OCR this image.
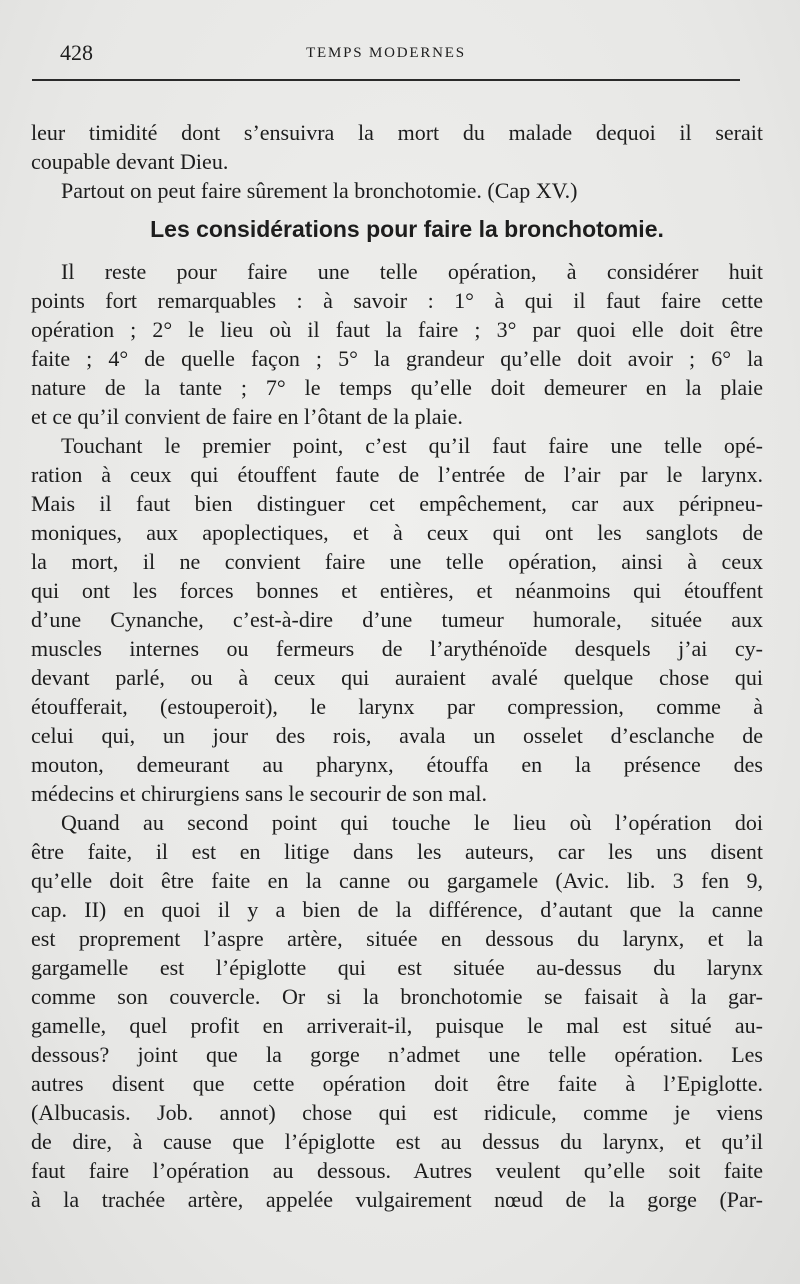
428	TEMPS MODERNES
leur timidité dont s’ensuivra la mort du malade dequoi il serait
coupable devant Dieu.
Partout on peut faire sûrement la bronchotomie. (Cap XV.)
Les considérations pour faire la bronchotomie.
Il reste pour faire une telle opération, à considérer huit
points fort remarquables : à savoir : 1° à qui il faut faire cette
opération ; 2° le lieu où il faut la faire ; 3° par quoi elle doit être
faite ; 4° de quelle façon ; 5° la grandeur qu’elle doit avoir ; 6° la
nature de la tante ; 7° le temps qu’elle doit demeurer en la plaie
et ce qu’il convient de faire en l’ôtant de la plaie.
Touchant le premier point, c’est qu’il faut faire une telle opé-
ration à ceux qui étouffent faute de l’entrée de l’air par le larynx.
Mais il faut bien distinguer cet empêchement, car aux péripneu-
moniques, aux apoplectiques, et à ceux qui ont les sanglots de
la mort, il ne convient faire une telle opération, ainsi à ceux
qui ont les forces bonnes et entières, et néanmoins qui étouffent
d’une Cynanche, c’est-à-dire d’une tumeur humorale, située aux
muscles internes ou fermeurs de l’arythénoïde desquels j’ai cy-
devant parlé, ou à ceux qui auraient avalé quelque chose qui
étoufferait, (estouperoit), le larynx par compression, comme à
celui qui, un jour des rois, avala un osselet d’esclanche de
mouton, demeurant au pharynx, étouffa en la présence des
médecins et chirurgiens sans le secourir de son mal.
Quand au second point qui touche le lieu où l’opération doi
être faite, il est en litige dans les auteurs, car les uns disent
qu’elle doit être faite en la canne ou gargamele (Avic. lib. 3 fen 9,
cap. II) en quoi il y a bien de la différence, d’autant que la canne
est proprement l’aspre artère, située en dessous du larynx, et la
gargamelle est l’épiglotte qui est située au-dessus du larynx
comme son couvercle. Or si la bronchotomie se faisait à la gar-
gamelle, quel profit en arriverait-il, puisque le mal est situé au-
dessous? joint que la gorge n’admet une telle opération. Les
autres disent que cette opération doit être faite à l’Epiglotte.
(Albucasis. Job. annot) chose qui est ridicule, comme je viens
de dire, à cause que l’épiglotte est au dessus du larynx, et qu’il
faut faire l’opération au dessous. Autres veulent qu’elle soit faite
à la trachée artère, appelée vulgairement nœud de la gorge (Par-
